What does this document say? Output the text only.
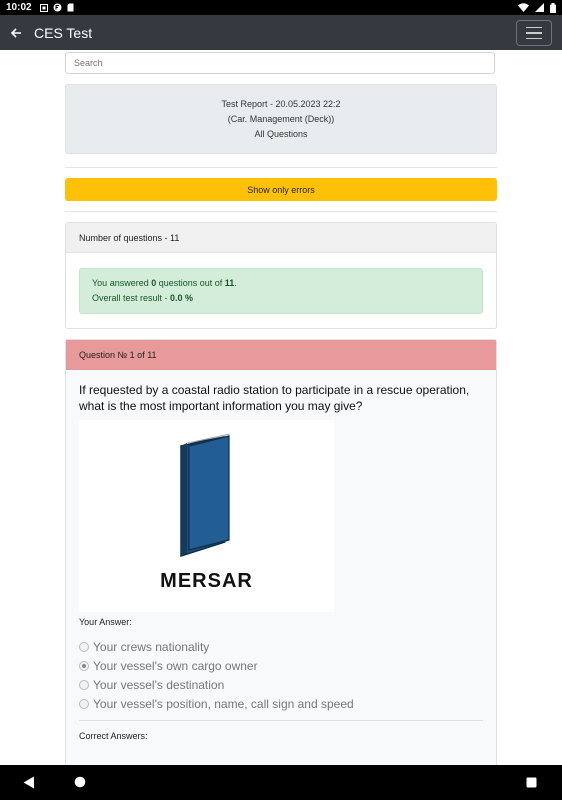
10:02
CES Test
Search
Test Report - 20.05.2023 22:2
(Car. Management (Deck))
All Questions
Show only errors
Number of questions - 11
You answered 0 questions out of 11.
Overall test result - 0.0 %
Question № 1 of 11
If requested by a coastal radio station to participate in a rescue operation, what is the most important information you may give?
MERSAR
Your Answer:
Your crews nationality
Your vessel's own cargo owner
Your vessel's destination
Your vessel's position, name, call sign and speed
Correct Answers:
